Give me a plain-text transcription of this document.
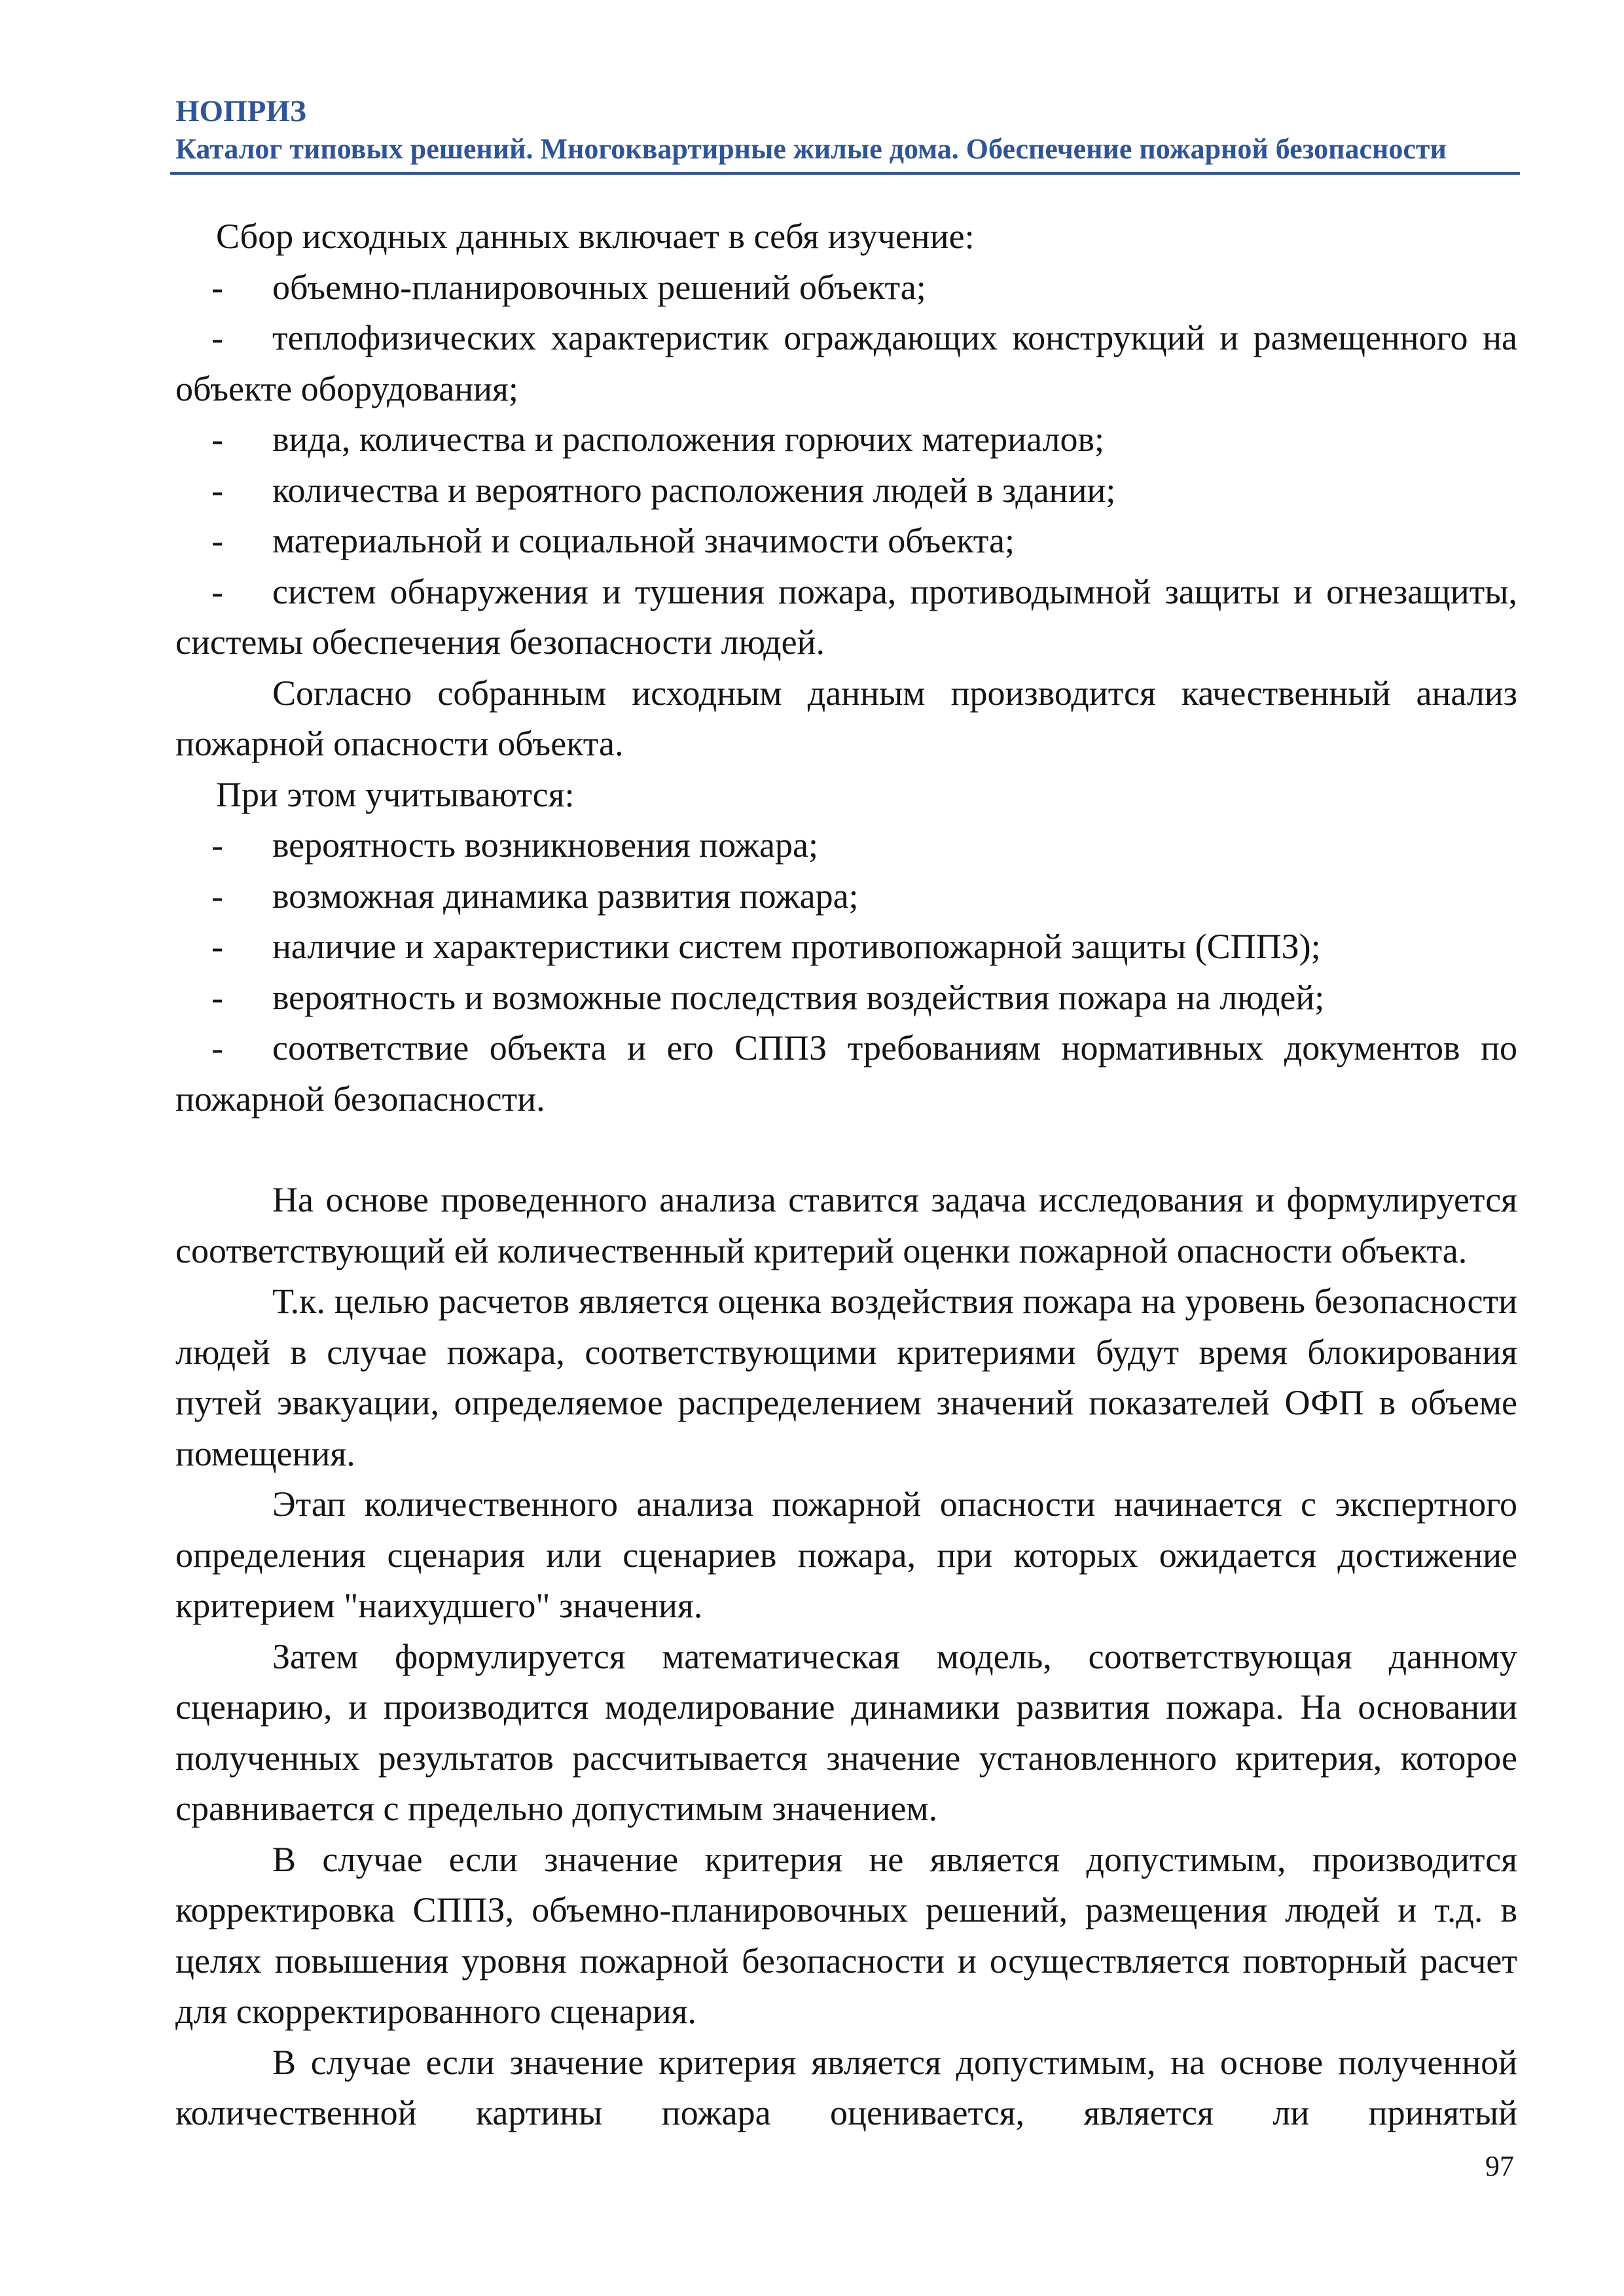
НОПРИЗ
Каталог типовых решений. Многоквартирные жилые дома. Обеспечение пожарной безопасности

Сбор исходных данных включает в себя изучение:

-	объемно-планировочных решений объекта;
- теплофизических характеристик ограждающих конструкций и размещенного на объекте оборудования;
-	вида, количества и расположения горючих материалов;
-	количества и вероятного расположения людей в здании;
-	материальной и социальной значимости объекта;
- систем обнаружения и тушения пожара, противодымной защиты и огнезащиты, системы обеспечения безопасности людей.

Согласно собранным исходным данным производится качественный анализ пожарной опасности объекта.

При этом учитываются:

-	вероятность возникновения пожара;
-	возможная динамика развития пожара;
-	наличие и характеристики систем противопожарной защиты (СППЗ);
-	вероятность и возможные последствия воздействия пожара на людей;
- соответствие объекта и его СППЗ требованиям нормативных документов по пожарной безопасности.

На основе проведенного анализа ставится задача исследования и формулируется соответствующий ей количественный критерий оценки пожарной опасности объекта.

Т.к. целью расчетов является оценка воздействия пожара на уровень безопасности людей в случае пожара, соответствующими критериями будут время блокирования путей эвакуации, определяемое распределением значений показателей ОФП в объеме помещения.

Этап количественного анализа пожарной опасности начинается с экспертного определения сценария или сценариев пожара, при которых ожидается достижение критерием "наихудшего" значения.

Затем формулируется математическая модель, соответствующая данному сценарию, и производится моделирование динамики развития пожара. На основании полученных результатов рассчитывается значение установленного критерия, которое сравнивается с предельно допустимым значением.

В случае если значение критерия не является допустимым, производится корректировка СППЗ, объемно-планировочных решений, размещения людей и т.д. в целях повышения уровня пожарной безопасности и осуществляется повторный расчет для скорректированного сценария.

В случае если значение критерия является допустимым, на основе полученной количественной картины пожара оценивается, является ли принятый

97
